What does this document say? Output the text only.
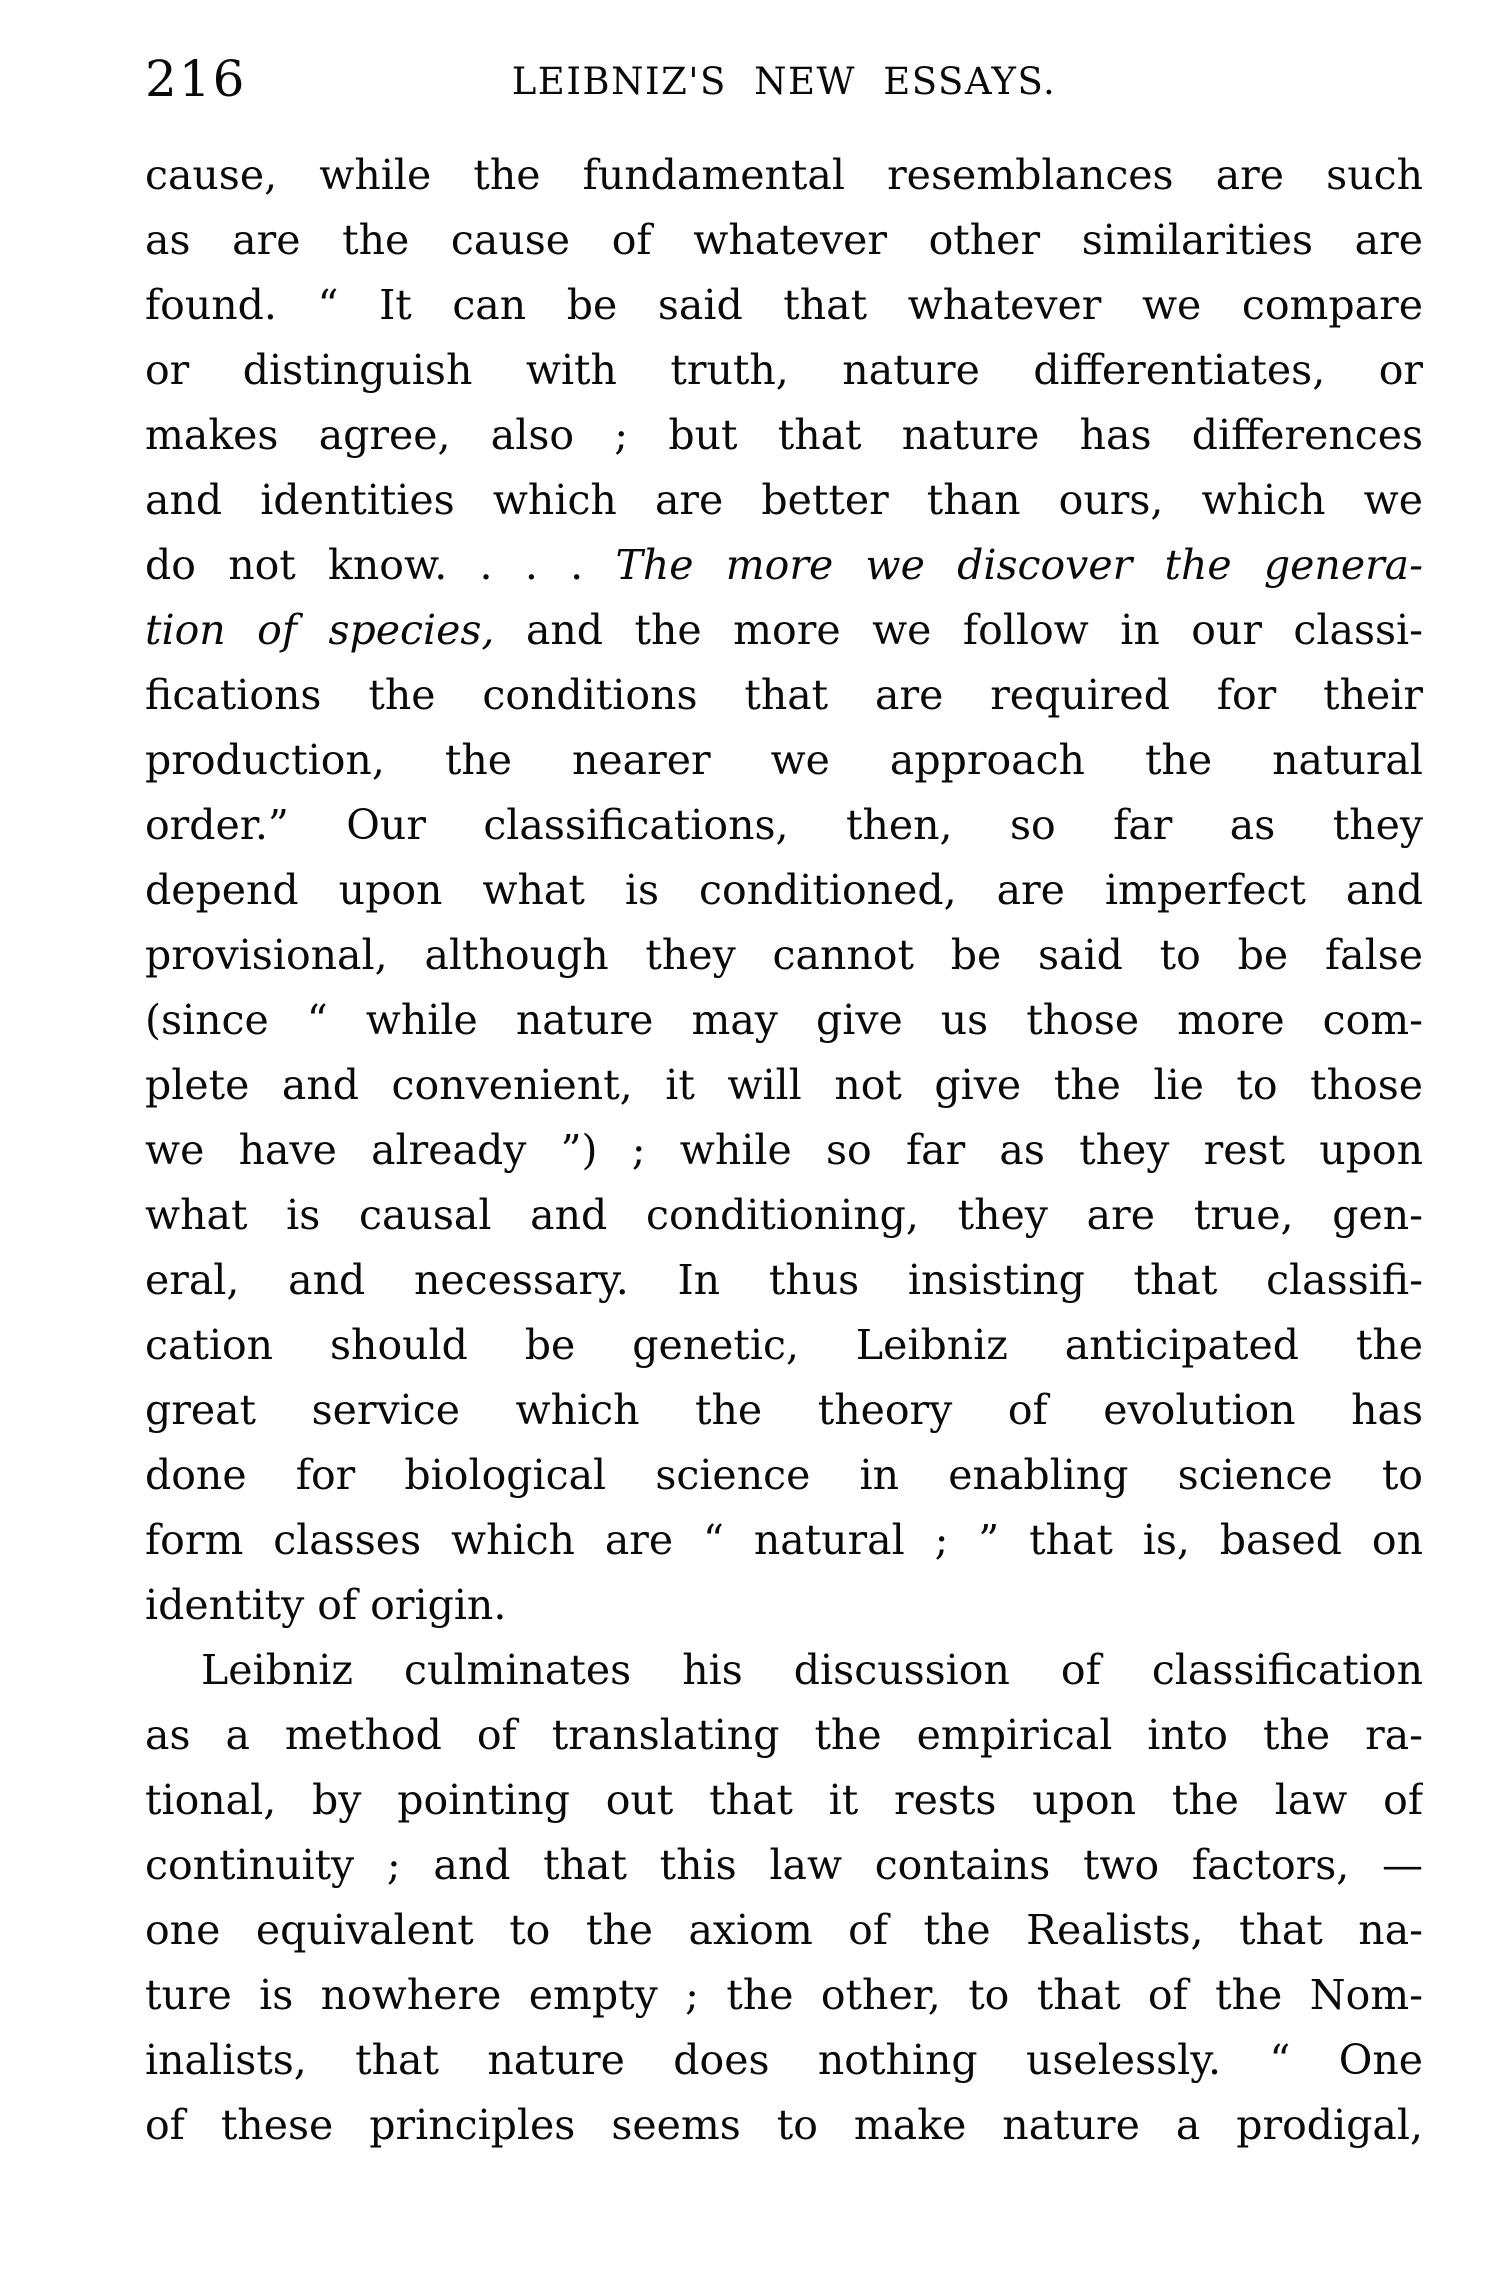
216	LEIBNIZ'S NEW ESSAYS.
cause, while the fundamental resemblances are such
as are the cause of whatever other similarities are
found. “ It can be said that whatever we compare
or distinguish with truth, nature differentiates, or
makes agree, also ; but that nature has differences
and identities which are better than ours, which we
do not know. . . . The more we discover the genera-
tion of species, and the more we follow in our classi-
fications the conditions that are required for their
production, the nearer we approach the natural
order.” Our classifications, then, so far as they
depend upon what is conditioned, are imperfect and
provisional, although they cannot be said to be false
(since “ while nature may give us those more com-
plete and convenient, it will not give the lie to those
we have already ”) ; while so far as they rest upon
what is causal and conditioning, they are true, gen-
eral, and necessary. In thus insisting that classifi-
cation should be genetic, Leibniz anticipated the
great service which the theory of evolution has
done for biological science in enabling science to
form classes which are “ natural ; ” that is, based on
identity of origin.
Leibniz culminates his discussion of classification
as a method of translating the empirical into the ra-
tional, by pointing out that it rests upon the law of
continuity ; and that this law contains two factors, —
one equivalent to the axiom of the Realists, that na-
ture is nowhere empty ; the other, to that of the Nom-
inalists, that nature does nothing uselessly. “ One
of these principles seems to make nature a prodigal,
